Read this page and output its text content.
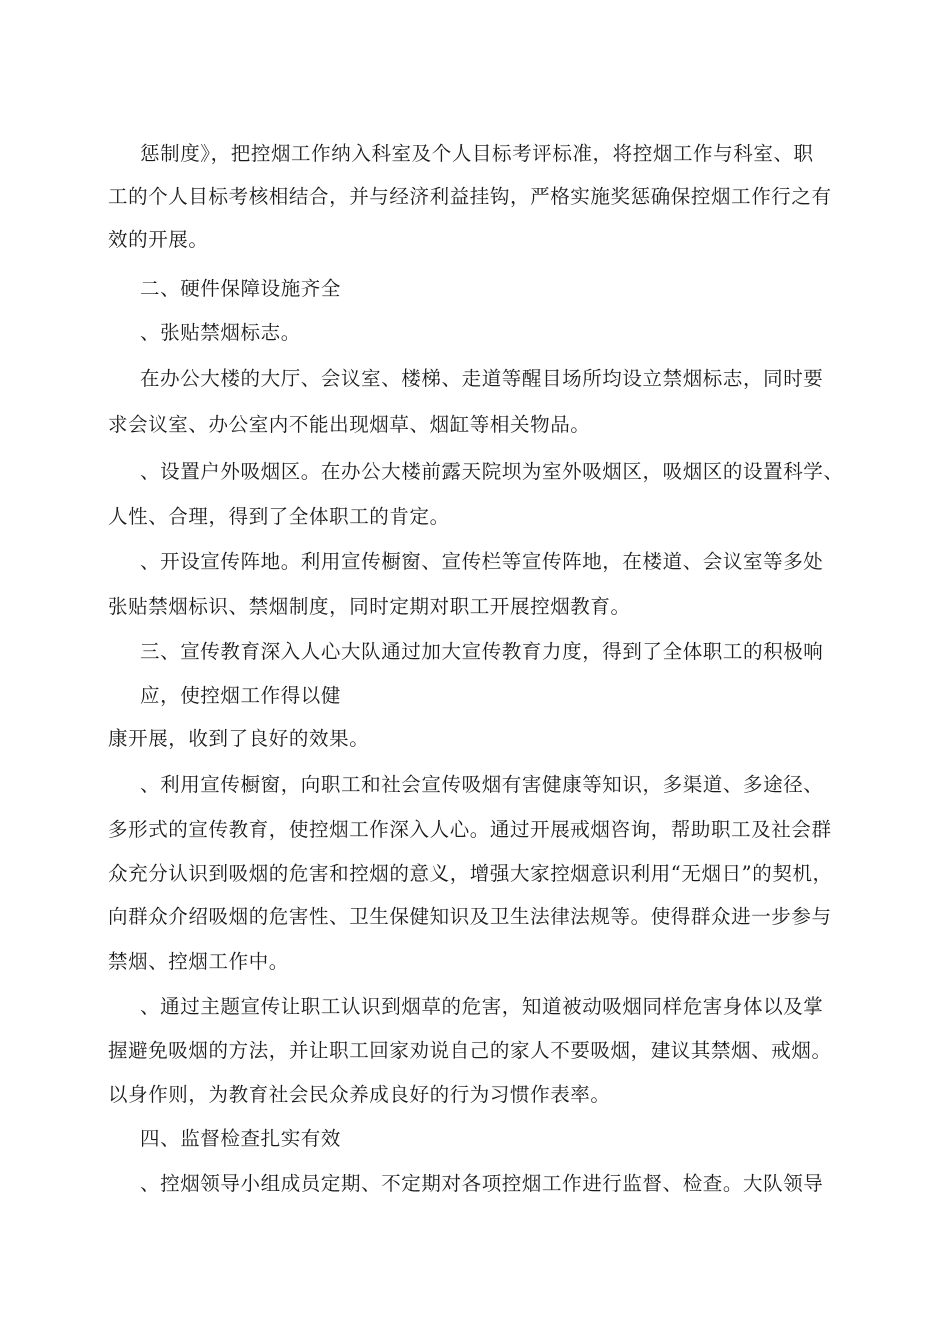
惩制度》，把控烟工作纳入科室及个人目标考评标准，将控烟工作与科室、职
工的个人目标考核相结合，并与经济利益挂钩，严格实施奖惩确保控烟工作行之有
效的开展。
二、硬件保障设施齐全
、张贴禁烟标志。
在办公大楼的大厅、会议室、楼梯、走道等醒目场所均设立禁烟标志，同时要
求会议室、办公室内不能出现烟草、烟缸等相关物品。
、设置户外吸烟区。在办公大楼前露天院坝为室外吸烟区，吸烟区的设置科学、
人性、合理，得到了全体职工的肯定。
、开设宣传阵地。利用宣传橱窗、宣传栏等宣传阵地，在楼道、会议室等多处
张贴禁烟标识、禁烟制度，同时定期对职工开展控烟教育。
三、宣传教育深入人心大队通过加大宣传教育力度，得到了全体职工的积极响
应，使控烟工作得以健
康开展，收到了良好的效果。
、利用宣传橱窗，向职工和社会宣传吸烟有害健康等知识，多渠道、多途径、
多形式的宣传教育，使控烟工作深入人心。通过开展戒烟咨询，帮助职工及社会群
众充分认识到吸烟的危害和控烟的意义，增强大家控烟意识利用“无烟日”的契机，
向群众介绍吸烟的危害性、卫生保健知识及卫生法律法规等。使得群众进一步参与
禁烟、控烟工作中。
、通过主题宣传让职工认识到烟草的危害，知道被动吸烟同样危害身体以及掌
握避免吸烟的方法，并让职工回家劝说自己的家人不要吸烟，建议其禁烟、戒烟。
以身作则，为教育社会民众养成良好的行为习惯作表率。
四、监督检查扎实有效
、控烟领导小组成员定期、不定期对各项控烟工作进行监督、检查。大队领导
